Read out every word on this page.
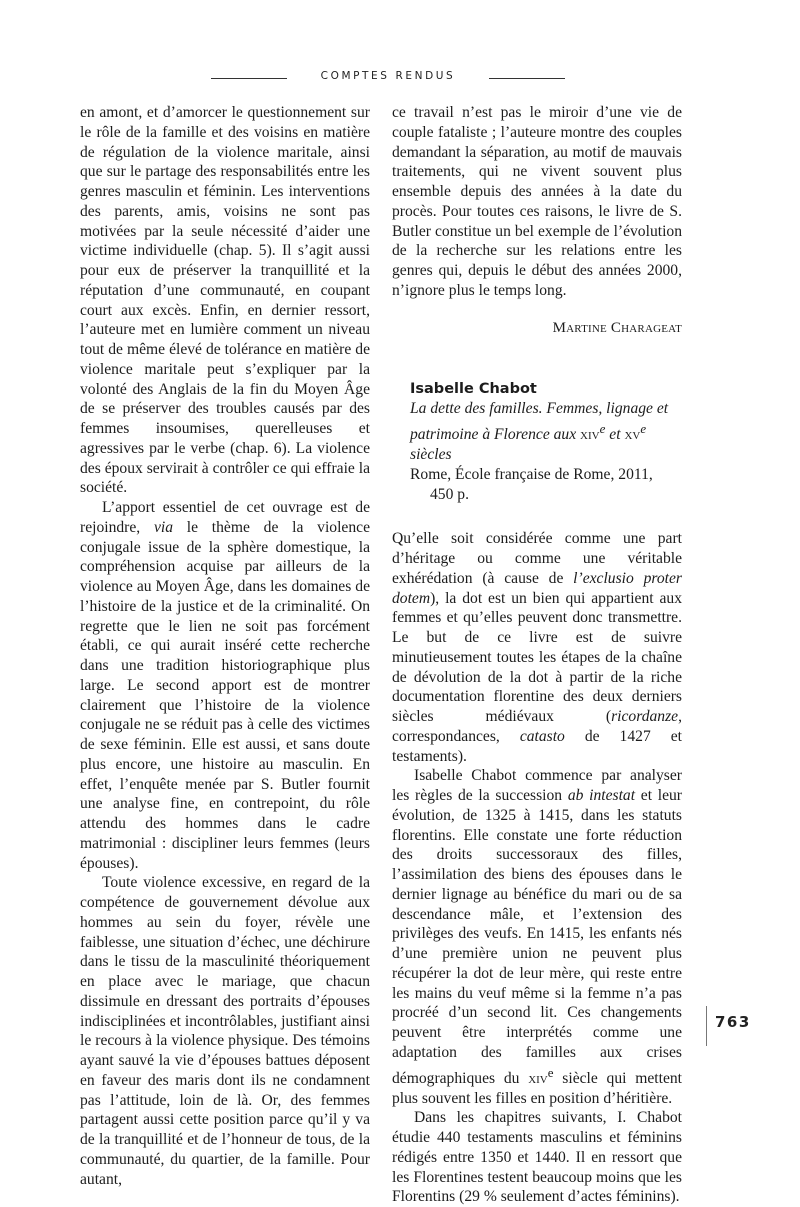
COMPTES RENDUS

en amont, et d’amorcer le questionnement sur le rôle de la famille et des voisins en matière de régulation de la violence maritale, ainsi que sur le partage des responsabilités entre les genres masculin et féminin. Les interventions des parents, amis, voisins ne sont pas motivées par la seule nécessité d’aider une victime individuelle (chap. 5). Il s’agit aussi pour eux de préserver la tranquillité et la réputation d’une communauté, en coupant court aux excès. Enfin, en dernier ressort, l’auteure met en lumière comment un niveau tout de même élevé de tolérance en matière de violence maritale peut s’expliquer par la volonté des Anglais de la fin du Moyen Âge de se préserver des troubles causés par des femmes insoumises, querelleuses et agressives par le verbe (chap. 6). La violence des époux servirait à contrôler ce qui effraie la société.

L’apport essentiel de cet ouvrage est de rejoindre, via le thème de la violence conjugale issue de la sphère domestique, la compréhension acquise par ailleurs de la violence au Moyen Âge, dans les domaines de l’histoire de la justice et de la criminalité. On regrette que le lien ne soit pas forcément établi, ce qui aurait inséré cette recherche dans une tradition historiographique plus large. Le second apport est de montrer clairement que l’histoire de la violence conjugale ne se réduit pas à celle des victimes de sexe féminin. Elle est aussi, et sans doute plus encore, une histoire au masculin. En effet, l’enquête menée par S. Butler fournit une analyse fine, en contrepoint, du rôle attendu des hommes dans le cadre matrimonial : discipliner leurs femmes (leurs épouses).

Toute violence excessive, en regard de la compétence de gouvernement dévolue aux hommes au sein du foyer, révèle une faiblesse, une situation d’échec, une déchirure dans le tissu de la masculinité théoriquement en place avec le mariage, que chacun dissimule en dressant des portraits d’épouses indisciplinées et incontrôlables, justifiant ainsi le recours à la violence physique. Des témoins ayant sauvé la vie d’épouses battues déposent en faveur des maris dont ils ne condamnent pas l’attitude, loin de là. Or, des femmes partagent aussi cette position parce qu’il y va de la tranquillité et de l’honneur de tous, de la communauté, du quartier, de la famille. Pour autant,

ce travail n’est pas le miroir d’une vie de couple fataliste ; l’auteure montre des couples demandant la séparation, au motif de mauvais traitements, qui ne vivent souvent plus ensemble depuis des années à la date du procès. Pour toutes ces raisons, le livre de S. Butler constitue un bel exemple de l’évolution de la recherche sur les relations entre les genres qui, depuis le début des années 2000, n’ignore plus le temps long.

Martine Charageat

Isabelle Chabot
La dette des familles. Femmes, lignage et patrimoine à Florence aux xiv$^e$ et $xv^e$ siècles
Rome, École française de Rome, 2011,
450 p.

Qu’elle soit considérée comme une part d’héritage ou comme une véritable exhérédation (à cause de l’exclusio proter dotem), la dot est un bien qui appartient aux femmes et qu’elles peuvent donc transmettre. Le but de ce livre est de suivre minutieusement toutes les étapes de la chaîne de dévolution de la dot à partir de la riche documentation florentine des deux derniers siècles médiévaux (ricordanze, correspondances, catasto de 1427 et testaments).

Isabelle Chabot commence par analyser les règles de la succession ab intestat et leur évolution, de 1325 à 1415, dans les statuts florentins. Elle constate une forte réduction des droits successoraux des filles, l’assimilation des biens des épouses dans le dernier lignage au bénéfice du mari ou de sa descendance mâle, et l’extension des privilèges des veufs. En 1415, les enfants nés d’une première union ne peuvent plus récupérer la dot de leur mère, qui reste entre les mains du veuf même si la femme n’a pas procréé d’un second lit. Ces changements peuvent être interprétés comme une adaptation des familles aux crises démographiques du xiv$^e$ siècle qui mettent plus souvent les filles en position d’héritière.

Dans les chapitres suivants, I. Chabot étudie 440 testaments masculins et féminins rédigés entre 1350 et 1440. Il en ressort que les Florentines testent beaucoup moins que les Florentins (29 % seulement d’actes féminins).

763
